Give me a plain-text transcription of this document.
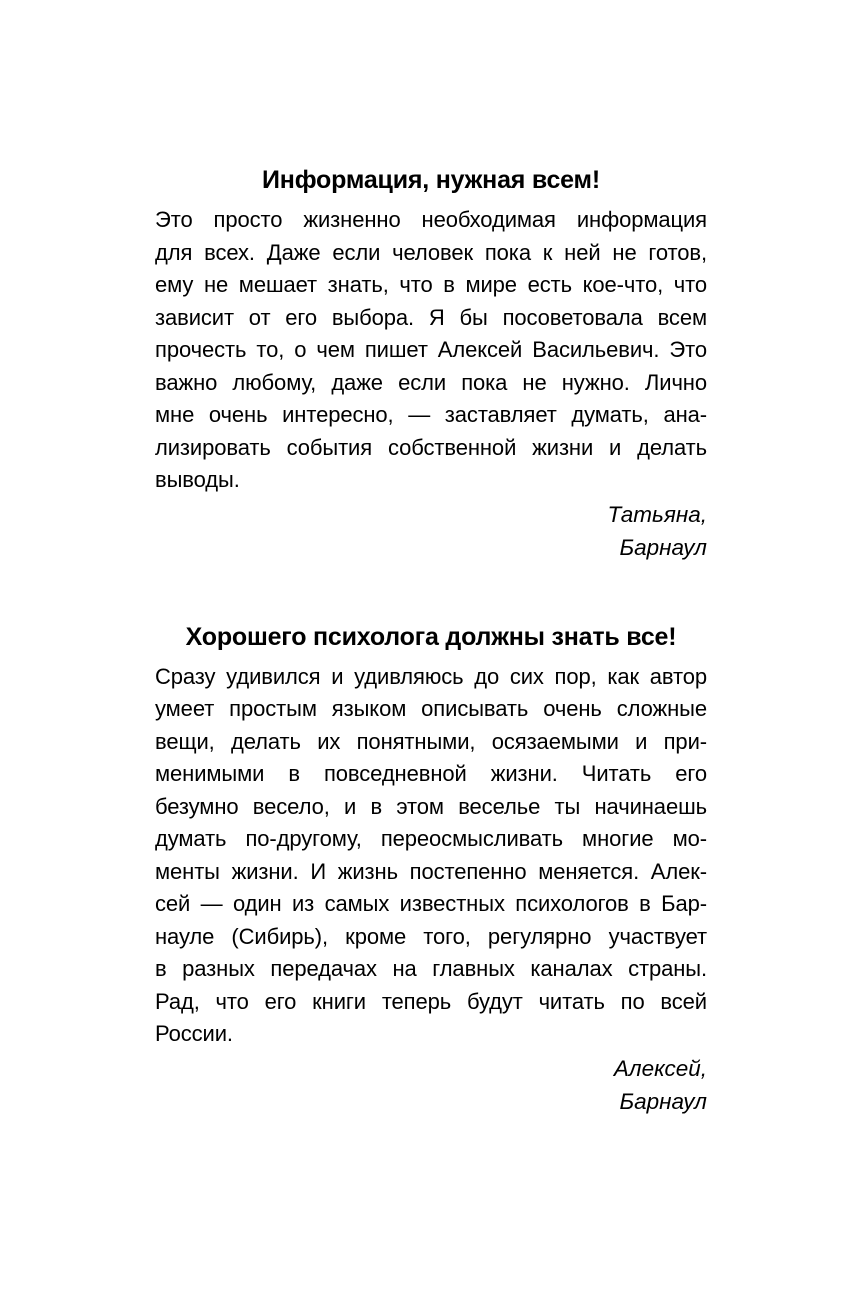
Информация, нужная всем!
Это просто жизненно необходимая информация
для всех. Даже если человек пока к ней не готов,
ему не мешает знать, что в мире есть кое-что, что
зависит от его выбора. Я бы посоветовала всем
прочесть то, о чем пишет Алексей Васильевич. Это
важно любому, даже если пока не нужно. Лично
мне очень интересно, — заставляет думать, ана-
лизировать события собственной жизни и делать
выводы.
Татьяна,
Барнаул
Хорошего психолога должны знать все!
Сразу удивился и удивляюсь до сих пор, как автор
умеет простым языком описывать очень сложные
вещи, делать их понятными, осязаемыми и при-
менимыми в повседневной жизни. Читать его
безумно весело, и в этом веселье ты начинаешь
думать по-другому, переосмысливать многие мо-
менты жизни. И жизнь постепенно меняется. Алек-
сей — один из самых известных психологов в Бар-
науле (Сибирь), кроме того, регулярно участвует
в разных передачах на главных каналах страны.
Рад, что его книги теперь будут читать по всей
России.
Алексей,
Барнаул
